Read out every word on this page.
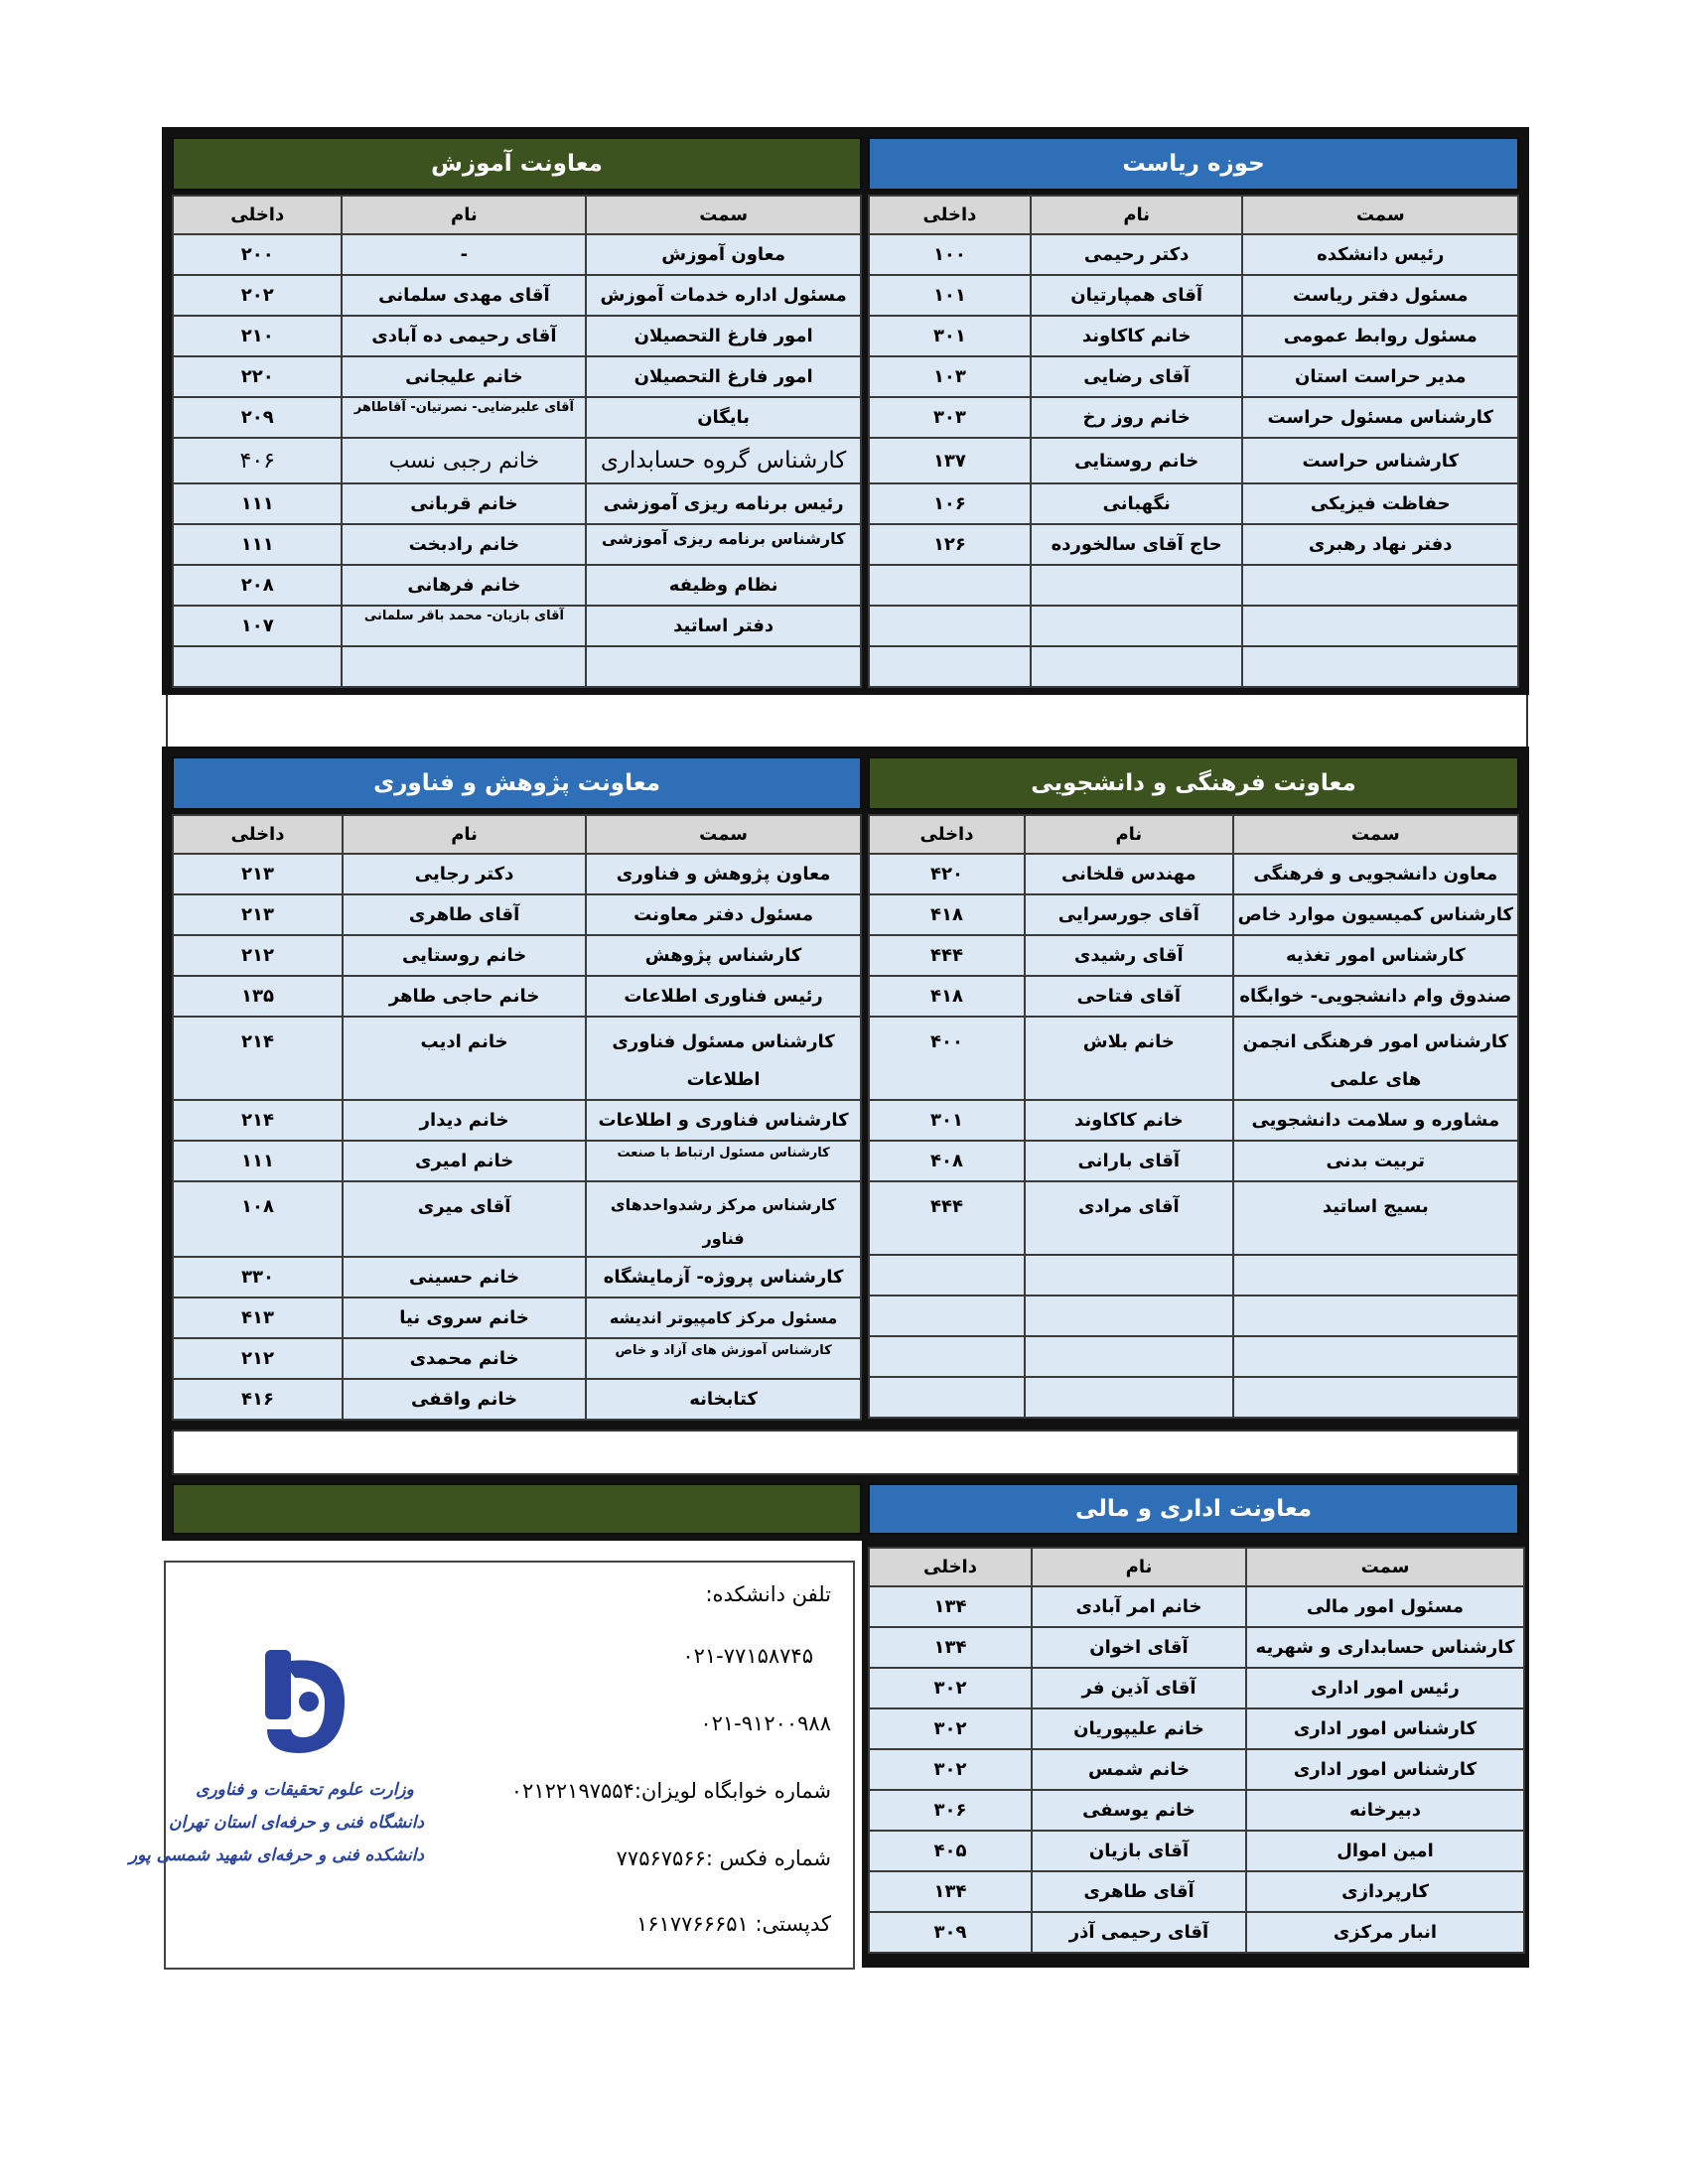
حوزه ریاست
سمت	نام	داخلی
رئیس دانشکده	دکتر رحیمی	۱۰۰
مسئول دفتر ریاست	آقای همپارتیان	۱۰۱
مسئول روابط عمومی	خانم کاکاوند	۳۰۱
مدیر حراست استان	آقای رضایی	۱۰۳
کارشناس مسئول حراست	خانم روز رخ	۳۰۳
کارشناس حراست	خانم روستایی	۱۳۷
حفاظت فیزیکی	نگهبانی	۱۰۶
دفتر نهاد رهبری	حاج آقای سالخورده	۱۲۶

معاونت آموزش
سمت	نام	داخلی
معاون آموزش	-	۲۰۰
مسئول اداره خدمات آموزش	آقای مهدی سلمانی	۲۰۲
امور فارغ التحصیلان	آقای رحیمی ده آبادی	۲۱۰
امور فارغ التحصیلان	خانم علیجانی	۲۲۰
بایگان	آقای علیرضایی- نصرتیان- آقاطاهر	۲۰۹
کارشناس گروه حسابداری	خانم رجبی نسب	۴۰۶
رئیس برنامه ریزی آموزشی	خانم قربانی	۱۱۱
کارشناس برنامه ریزی آموزشی	خانم رادبخت	۱۱۱
نظام وظیفه	خانم فرهانی	۲۰۸
دفتر اساتید	آقای بازیان- محمد باقر سلمانی	۱۰۷

معاونت فرهنگی و دانشجویی
سمت	نام	داخلی
معاون دانشجویی و فرهنگی	مهندس قلخانی	۴۲۰
کارشناس کمیسیون موارد خاص	آقای جورسرایی	۴۱۸
کارشناس امور تغذیه	آقای رشیدی	۴۴۴
صندوق وام دانشجویی- خوابگاه	آقای فتاحی	۴۱۸
کارشناس امور فرهنگی انجمن های علمی	خانم بلاش	۴۰۰
مشاوره و سلامت دانشجویی	خانم کاکاوند	۳۰۱
تربیت بدنی	آقای بارانی	۴۰۸
بسیج اساتید	آقای مرادی	۴۴۴

معاونت پژوهش و فناوری
سمت	نام	داخلی
معاون پژوهش و فناوری	دکتر رجایی	۲۱۳
مسئول دفتر معاونت	آقای طاهری	۲۱۳
کارشناس پژوهش	خانم روستایی	۲۱۲
رئیس فناوری اطلاعات	خانم حاجی طاهر	۱۳۵
کارشناس مسئول فناوری اطلاعات	خانم ادیب	۲۱۴
کارشناس فناوری و اطلاعات	خانم دیدار	۲۱۴
کارشناس مسئول ارتباط با صنعت	خانم امیری	۱۱۱
کارشناس مرکز رشدواحدهای فناور	آقای میری	۱۰۸
کارشناس پروژه- آزمایشگاه	خانم حسینی	۳۳۰
مسئول مرکز کامپیوتر اندیشه	خانم سروی نیا	۴۱۳
کارشناس آموزش های آزاد و خاص	خانم محمدی	۲۱۲
کتابخانه	خانم واقفی	۴۱۶
معاونت اداری و مالی
سمت	نام	داخلی
مسئول امور مالی	خانم امر آبادی	۱۳۴
کارشناس حسابداری و شهریه	آقای اخوان	۱۳۴
رئیس امور اداری	آقای آذین فر	۳۰۲
کارشناس امور اداری	خانم علیپوریان	۳۰۲
کارشناس امور اداری	خانم شمس	۳۰۲
دبیرخانه	خانم یوسفی	۳۰۶
امین اموال	آقای بازیان	۴۰۵
کارپردازی	آقای طاهری	۱۳۴
انبار مرکزی	آقای رحیمی آذر	۳۰۹
تلفن دانشکده:
۰۲۱-۷۷۱۵۸۷۴۵
۰۲۱-۹۱۲۰۰۹۸۸
شماره خوابگاه لویزان:۰۲۱۲۲۱۹۷۵۵۴
شماره فکس :۷۷۵۶۷۵۶۶
کدپستی: ۱۶۱۷۷۶۶۶۵۱
وزارت علوم تحقیقات و فناوری
دانشگاه فنی و حرفه‌ای استان تهران
دانشکده فنی و حرفه‌ای شهید شمسی پور
